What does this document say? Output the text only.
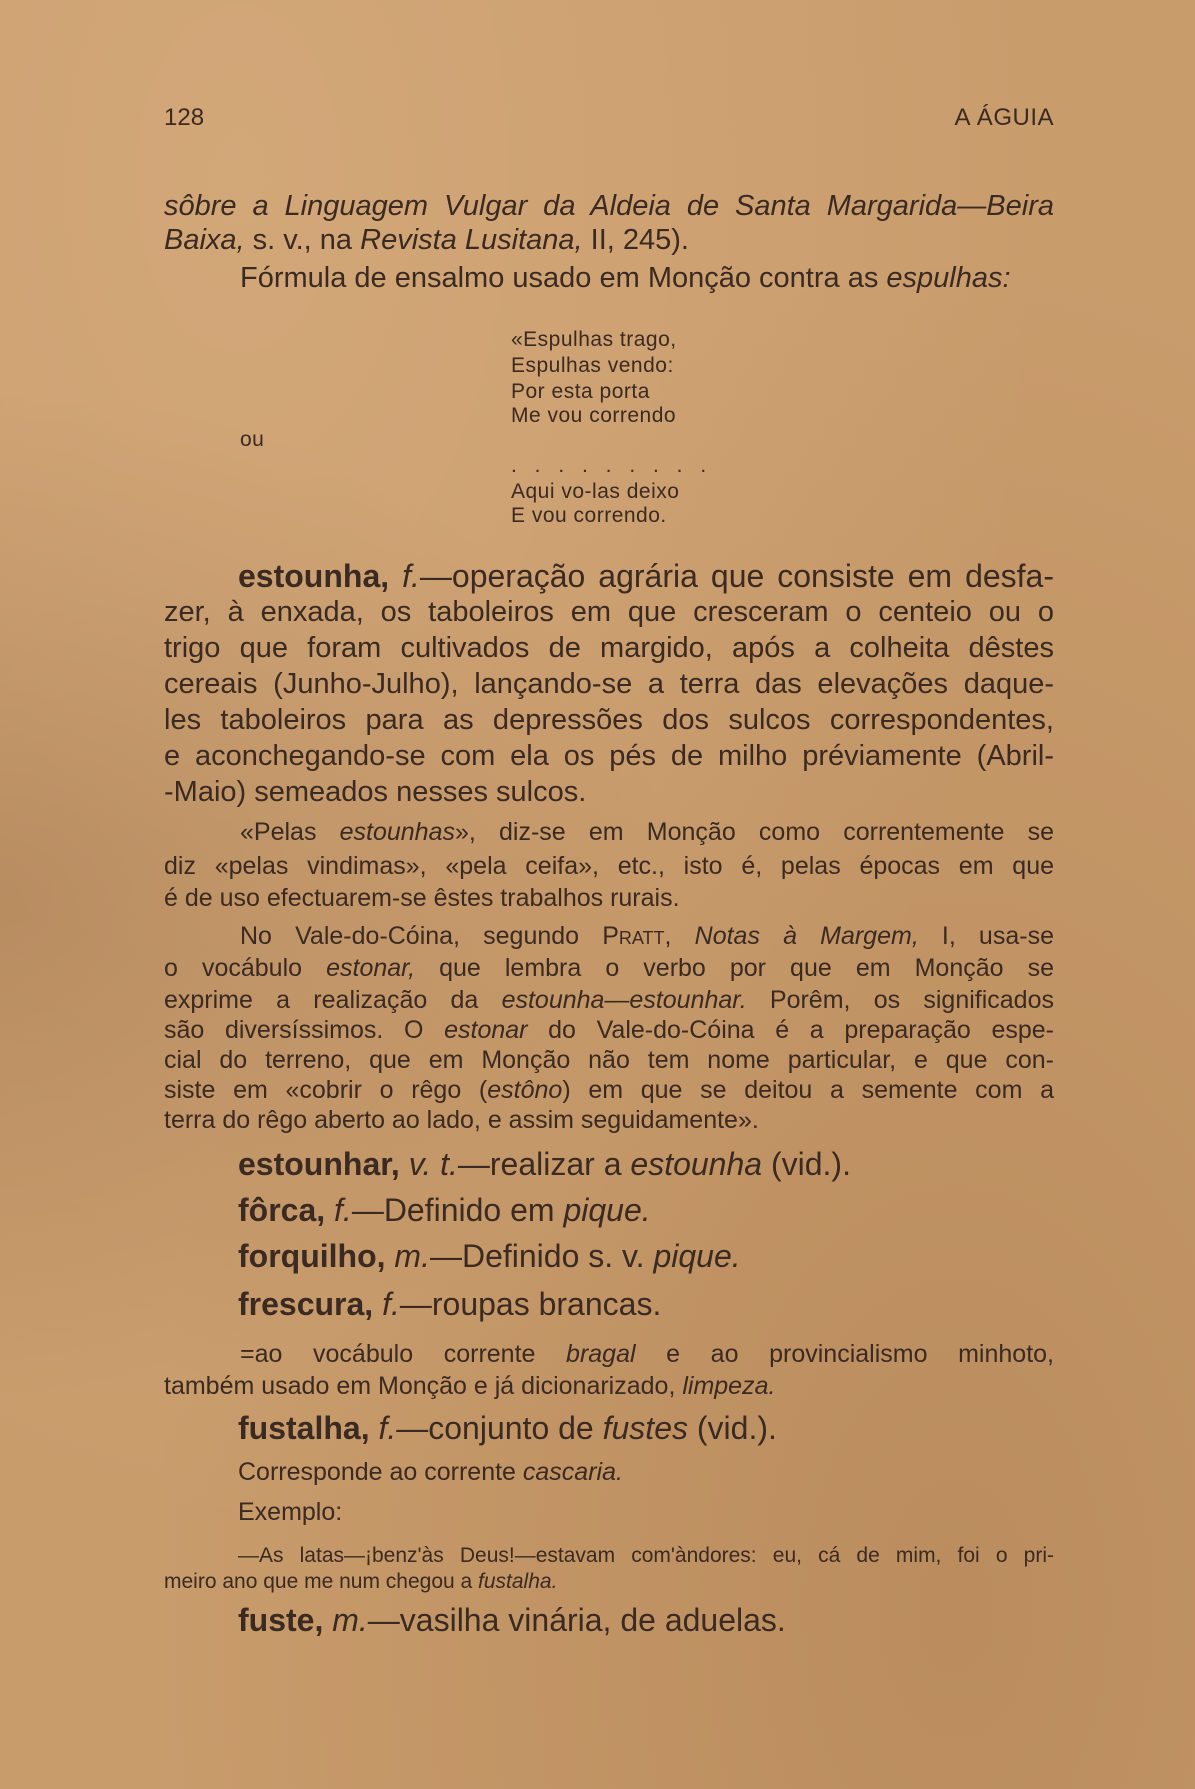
128	A ÁGUIA
sôbre a Linguagem Vulgar da Aldeia de Santa Margarida—Beira
Baixa, s. v., na Revista Lusitana, II, 245).
Fórmula de ensalmo usado em Monção contra as espulhas:
«Espulhas trago,
Espulhas vendo:
Por esta porta
Me vou correndo
ou
. . . . . . . . .
Aqui vo-las deixo
E vou correndo.
estounha, f.—operação agrária que consiste em desfa-
zer, à enxada, os taboleiros em que cresceram o centeio ou o
trigo que foram cultivados de margido, após a colheita dêstes
cereais (Junho-Julho), lançando-se a terra das elevações daque-
les taboleiros para as depressões dos sulcos correspondentes,
e aconchegando-se com ela os pés de milho préviamente (Abril-
-Maio) semeados nesses sulcos.
«Pelas estounhas», diz-se em Monção como correntemente se
diz «pelas vindimas», «pela ceifa», etc., isto é, pelas épocas em que
é de uso efectuarem-se êstes trabalhos rurais.
No Vale-do-Cóina, segundo Pratt, Notas à Margem, I, usa-se
o vocábulo estonar, que lembra o verbo por que em Monção se
exprime a realização da estounha—estounhar. Porêm, os significados
são diversíssimos. O estonar do Vale-do-Cóina é a preparação espe-
cial do terreno, que em Monção não tem nome particular, e que con-
siste em «cobrir o rêgo (estôno) em que se deitou a semente com a
terra do rêgo aberto ao lado, e assim seguidamente».
estounhar, v. t.—realizar a estounha (vid.).
fôrca, f.—Definido em pique.
forquilho, m.—Definido s. v. pique.
frescura, f.—roupas brancas.
=ao vocábulo corrente bragal e ao provincialismo minhoto,
também usado em Monção e já dicionarizado, limpeza.
fustalha, f.—conjunto de fustes (vid.).
Corresponde ao corrente cascaria.
Exemplo:
—As latas—¡benz'às Deus!—estavam com'àndores: eu, cá de mim, foi o pri-
meiro ano que me num chegou a fustalha.
fuste, m.—vasilha vinária, de aduelas.
